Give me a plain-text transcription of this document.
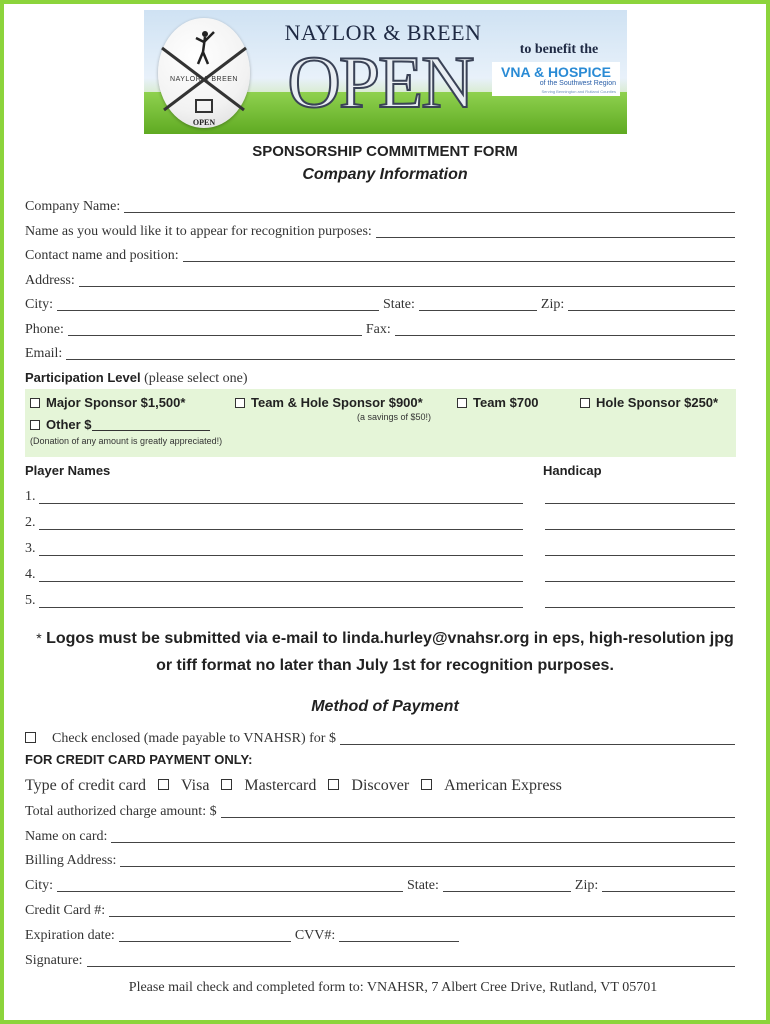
NAYLOR & BREEN
OPEN
NAYLOR & BREEN
OPEN	to benefit the
VNA & HOSPICE
of the Southwest Region
Serving Bennington and Rutland Counties
SPONSORSHIP COMMITMENT FORM
Company Information
Company Name:
Name as you would like it to appear for recognition purposes:
Contact name and position:
Address:
City:	State:	Zip:
Phone:	Fax:
Email:
Participation Level (please select one)
Major Sponsor $1,500*	Team & Hole Sponsor $900*	Team $700	Hole Sponsor $250*
(a savings of $50!)
Other $
(Donation of any amount is greatly appreciated!)
Player Names	Handicap
1.
2.
3.
4.
5.
* Logos must be submitted via e-mail to linda.hurley@vnahsr.org in eps, high-resolution jpg
or tiff format no later than July 1st for recognition purposes.
Method of Payment
Check enclosed (made payable to VNAHSR) for $
FOR CREDIT CARD PAYMENT ONLY:
Type of credit card Visa Mastercard Discover American Express
Total authorized charge amount: $
Name on card:
Billing Address:
City:	State:	Zip:
Credit Card #:
Expiration date:	CVV#:
Signature:
Please mail check and completed form to: VNAHSR, 7 Albert Cree Drive, Rutland, VT 05701
